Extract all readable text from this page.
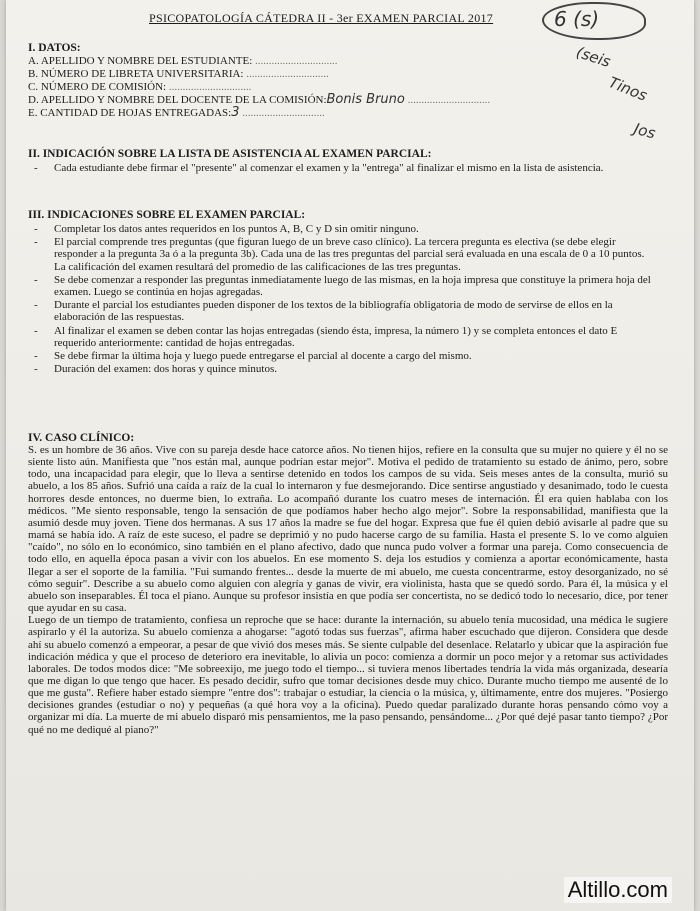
PSICOPATOLOGÍA CÁTEDRA II - 3er EXAMEN PARCIAL 2017	6 (s)
I. DATOS:
A. APELLIDO Y NOMBRE DEL ESTUDIANTE: ..............................
B. NÚMERO DE LIBRETA UNIVERSITARIA: ..............................
C. NÚMERO DE COMISIÓN: ..............................
D. APELLIDO Y NOMBRE DEL DOCENTE DE LA COMISIÓN:Bonis Bruno ..............................
E. CANTIDAD DE HOJAS ENTREGADAS:3 ..............................
(seis
Tinos
Jos
II. INDICACIÓN SOBRE LA LISTA DE ASISTENCIA AL EXAMEN PARCIAL:
- Cada estudiante debe firmar el "presente" al comenzar el examen y la "entrega" al finalizar el mismo en la lista de asistencia.
III. INDICACIONES SOBRE EL EXAMEN PARCIAL:
- Completar los datos antes requeridos en los puntos A, B, C y D sin omitir ninguno.
- El parcial comprende tres preguntas (que figuran luego de un breve caso clínico). La tercera pregunta es electiva (se debe elegir responder a la pregunta 3a ó a la pregunta 3b). Cada una de las tres preguntas del parcial será evaluada en una escala de 0 a 10 puntos. La calificación del examen resultará del promedio de las calificaciones de las tres preguntas.
- Se debe comenzar a responder las preguntas inmediatamente luego de las mismas, en la hoja impresa que constituye la primera hoja del examen. Luego se continúa en hojas agregadas.
- Durante el parcial los estudiantes pueden disponer de los textos de la bibliografía obligatoria de modo de servirse de ellos en la elaboración de las respuestas.
- Al finalizar el examen se deben contar las hojas entregadas (siendo ésta, impresa, la número 1) y se completa entonces el dato E requerido anteriormente: cantidad de hojas entregadas.
- Se debe firmar la última hoja y luego puede entregarse el parcial al docente a cargo del mismo.
- Duración del examen: dos horas y quince minutos.
IV. CASO CLÍNICO:

S. es un hombre de 36 años. Vive con su pareja desde hace catorce años. No tienen hijos, refiere en la consulta que su mujer no quiere y él no se siente listo aún. Manifiesta que "nos están mal, aunque podrían estar mejor". Motiva el pedido de tratamiento su estado de ánimo, pero, sobre todo, una incapacidad para elegir, que lo lleva a sentirse detenido en todos los campos de su vida. Seis meses antes de la consulta, murió su abuelo, a los 85 años. Sufrió una caída a raíz de la cual lo internaron y fue desmejorando. Dice sentirse angustiado y desanimado, todo le cuesta horrores desde entonces, no duerme bien, lo extraña. Lo acompañó durante los cuatro meses de internación. Él era quien hablaba con los médicos. "Me siento responsable, tengo la sensación de que podíamos haber hecho algo mejor". Sobre la responsabilidad, manifiesta que la asumió desde muy joven. Tiene dos hermanas. A sus 17 años la madre se fue del hogar. Expresa que fue él quien debió avisarle al padre que su mamá se había ido. A raíz de este suceso, el padre se deprimió y no pudo hacerse cargo de su familia. Hasta el presente S. lo ve como alguien "caído", no sólo en lo económico, sino también en el plano afectivo, dado que nunca pudo volver a formar una pareja. Como consecuencia de todo ello, en aquella época pasan a vivir con los abuelos. En ese momento S. deja los estudios y comienza a aportar económicamente, hasta llegar a ser el soporte de la familia. "Fui sumando frentes... desde la muerte de mi abuelo, me cuesta concentrarme, estoy desorganizado, no sé cómo seguir". Describe a su abuelo como alguien con alegría y ganas de vivir, era violinista, hasta que se quedó sordo. Para él, la música y el abuelo son inseparables. Él toca el piano. Aunque su profesor insistía en que podía ser concertista, no se dedicó todo lo necesario, dice, por tener que ayudar en su casa.

Luego de un tiempo de tratamiento, confiesa un reproche que se hace: durante la internación, su abuelo tenía mucosidad, una médica le sugiere aspirarlo y él la autoriza. Su abuelo comienza a ahogarse: "agotó todas sus fuerzas", afirma haber escuchado que dijeron. Considera que desde ahí su abuelo comenzó a empeorar, a pesar de que vivió dos meses más. Se siente culpable del desenlace. Relatarlo y ubicar que la aspiración fue indicación médica y que el proceso de deterioro era inevitable, lo alivia un poco: comienza a dormir un poco mejor y a retomar sus actividades laborales. De todos modos dice: "Me sobreexijo, me juego todo el tiempo... si tuviera menos libertades tendría la vida más organizada, desearía que me digan lo que tengo que hacer. Es pesado decidir, sufro que tomar decisiones desde muy chico. Durante mucho tiempo me ausenté de lo que me gusta". Refiere haber estado siempre "entre dos": trabajar o estudiar, la ciencia o la música, y, últimamente, entre dos mujeres. "Posiergo decisiones grandes (estudiar o no) y pequeñas (a qué hora voy a la oficina). Puedo quedar paralizado durante horas pensando cómo voy a organizar mi día. La muerte de mi abuelo disparó mis pensamientos, me la paso pensando, pensándome... ¿Por qué dejé pasar tanto tiempo? ¿Por qué no me dediqué al piano?"

Altillo.com
